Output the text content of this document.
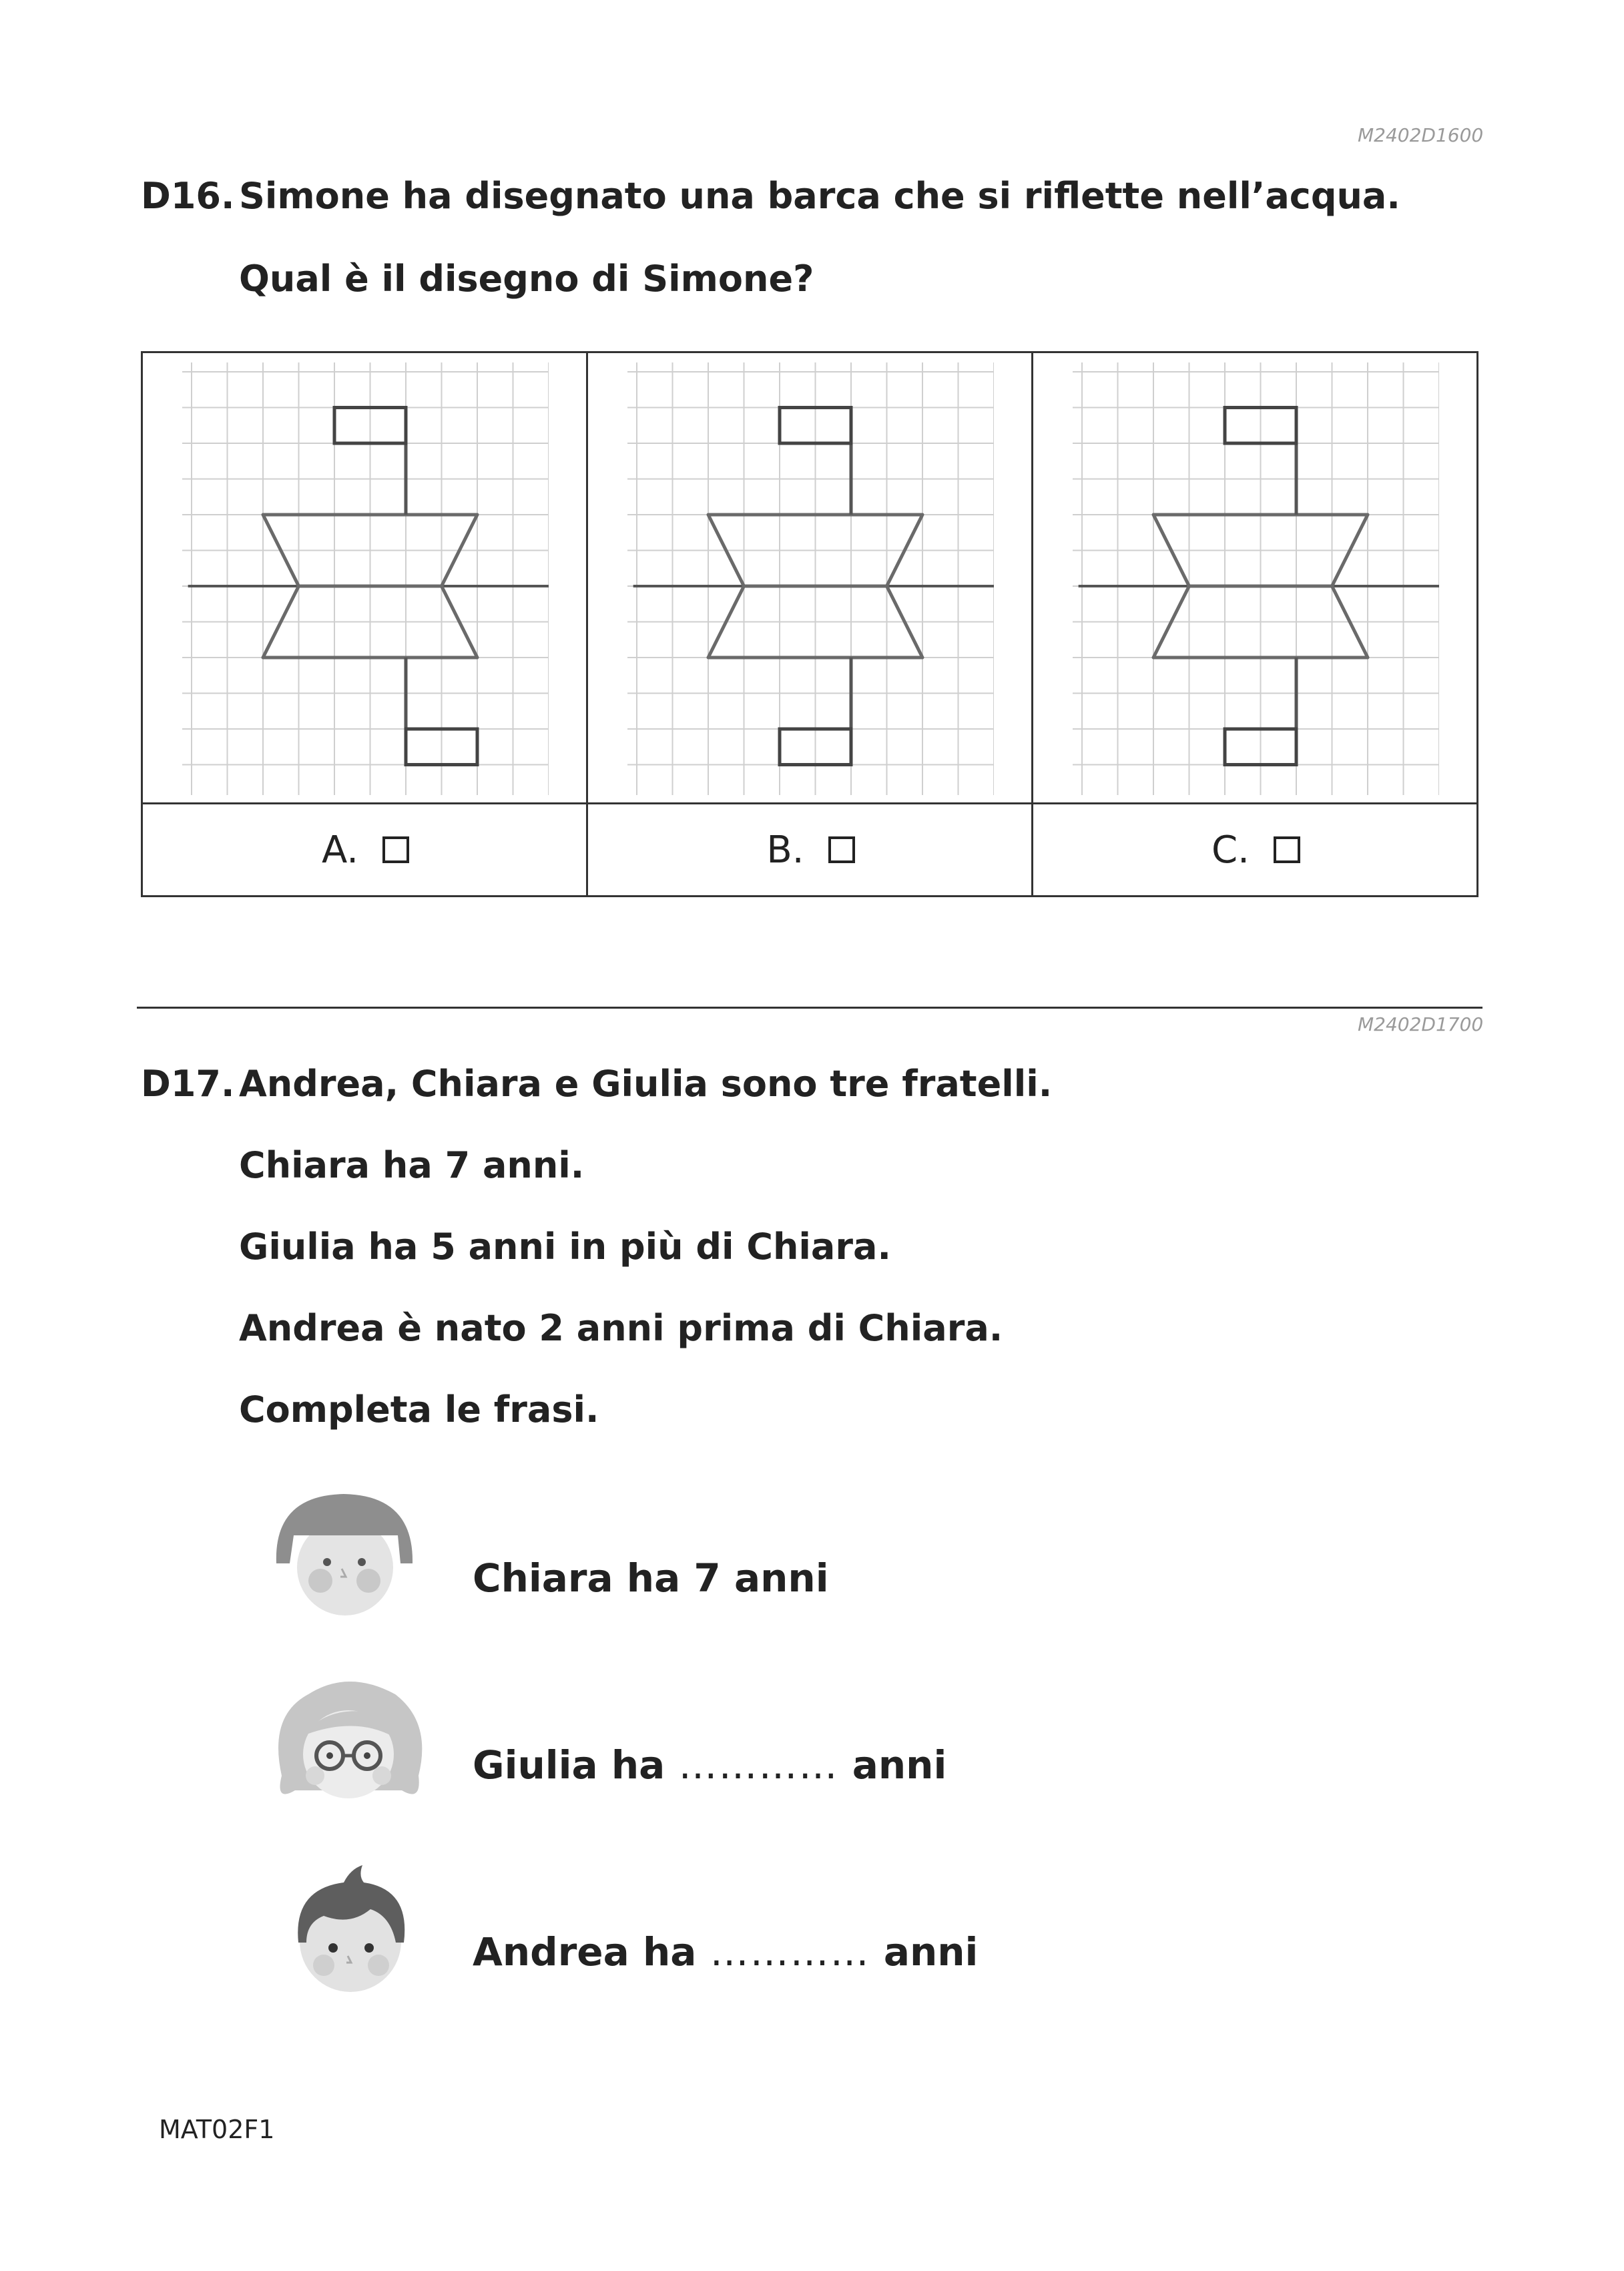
M2402D1600
D16. Simone ha disegnato una barca che si riflette nell’acqua.
Qual è il disegno di Simone?
A.	B.	C.
M2402D1700
D17. Andrea, Chiara e Giulia sono tre fratelli.
Chiara ha 7 anni.
Giulia ha 5 anni in più di Chiara.
Andrea è nato 2 anni prima di Chiara.
Completa le frasi.
Chiara ha 7 anni
Giulia ha ………… anni
Andrea ha ………… anni
MAT02F1
